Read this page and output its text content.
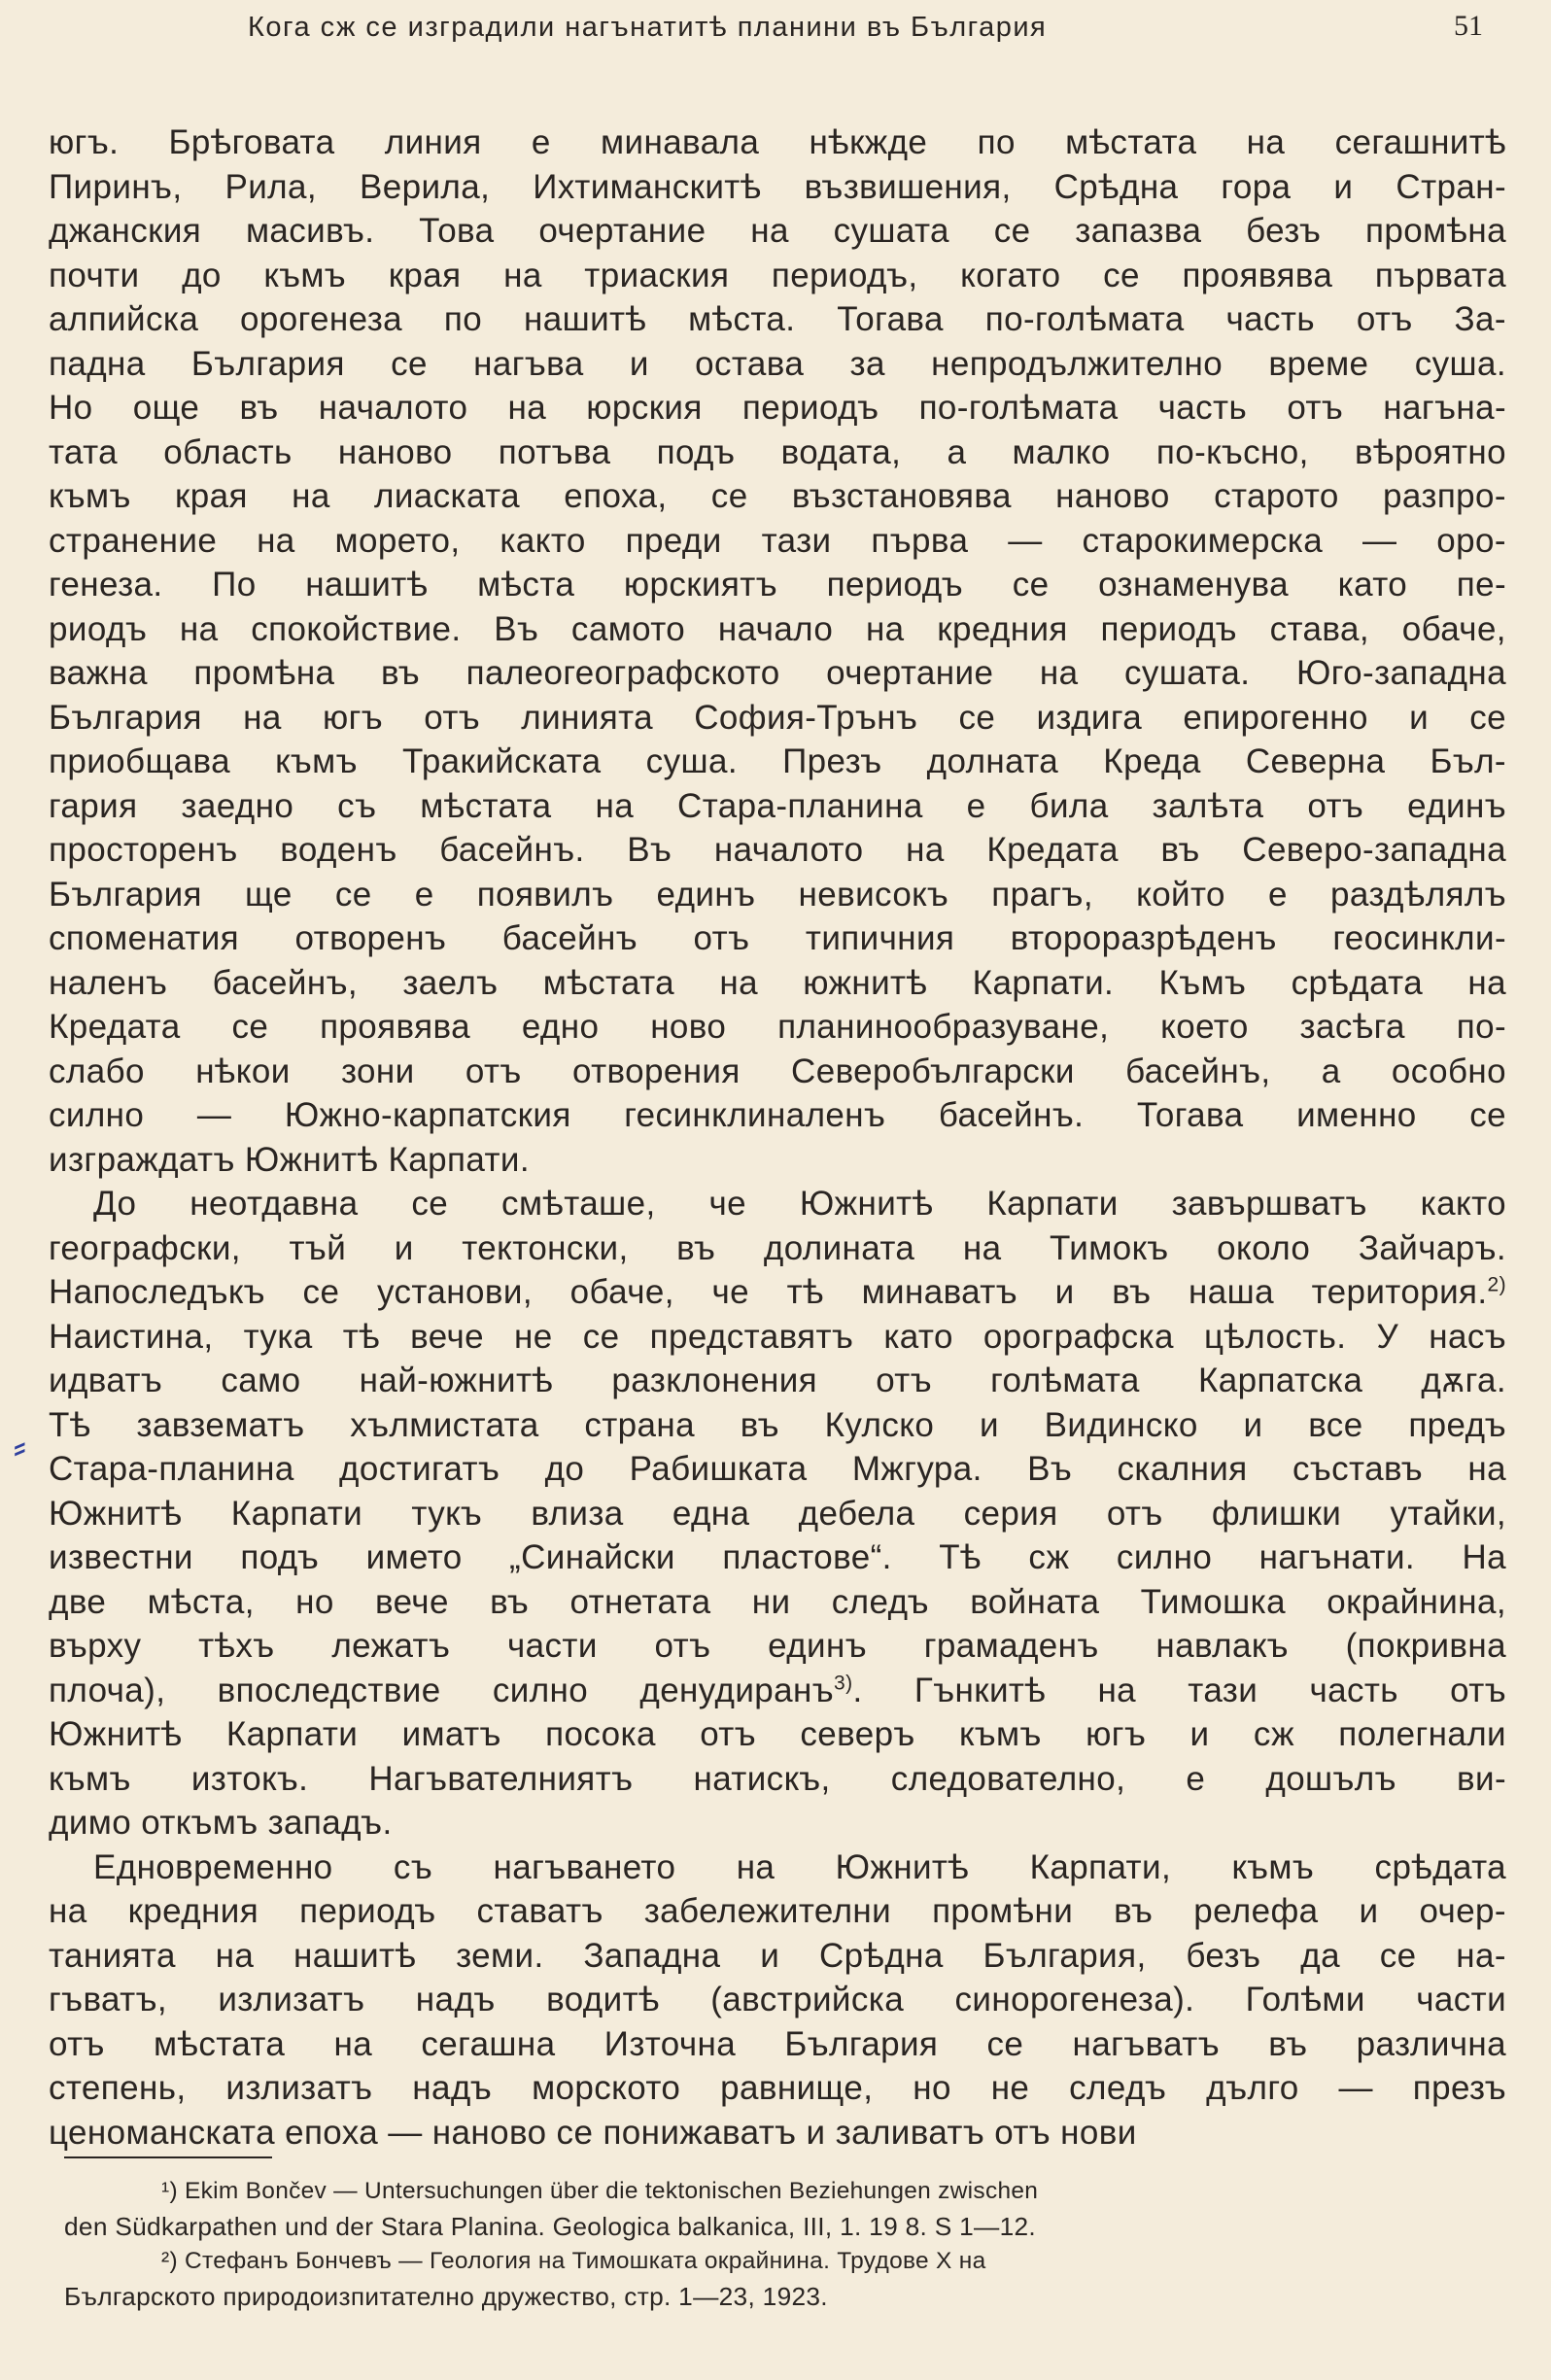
Кога сж се изградили нагънатитѣ планини въ България	51
⸗
югъ. Брѣговата линия е минавала нѣкжде по мѣстата на сегашнитѣ
Пиринъ, Рила, Верила, Ихтиманскитѣ възвишения, Срѣдна гора и Стран-
джанския масивъ. Това очертание на сушата се запазва безъ промѣна
почти до къмъ края на триаския периодъ, когато се проявява първата
алпийска орогенеза по нашитѣ мѣста. Тогава по-голѣмата часть отъ За-
падна България се нагъва и остава за непродължително време суша.
Но още въ началото на юрския периодъ по-голѣмата часть отъ нагъна-
тата область наново потъва подъ водата, а малко по-късно, вѣроятно
къмъ края на лиаската епоха, се възстановява наново старото разпро-
странение на морето, както преди тази първа — старокимерска — оро-
генеза. По нашитѣ мѣста юрскиятъ периодъ се ознаменува като пе-
риодъ на спокойствие. Въ самото начало на кредния периодъ става, обаче,
важна промѣна въ палеогеографското очертание на сушата. Юго-западна
България на югъ отъ линията София-Трънъ се издига епирогенно и се
приобщава къмъ Тракийската суша. Презъ долната Креда Северна Бъл-
гария заедно съ мѣстата на Стара-планина е била залѣта отъ единъ
просторенъ воденъ басейнъ. Въ началото на Кредата въ Северо-западна
България ще се е появилъ единъ невисокъ прагъ, който е раздѣлялъ
споменатия отворенъ басейнъ отъ типичния второразрѣденъ геосинкли-
наленъ басейнъ, заелъ мѣстата на южнитѣ Карпати. Къмъ срѣдата на
Кредата се проявява едно ново планинообразуване, което засѣга по-
слабо нѣкои зони отъ отворения Северобългарски басейнъ, а особно
силно — Южно-карпатския гесинклиналенъ басейнъ. Тогава именно се
изграждатъ Южнитѣ Карпати.
До неотдавна се смѣташе, че Южнитѣ Карпати завършватъ както
географски, тъй и тектонски, въ долината на Тимокъ около Зайчаръ.
Напоследъкъ се установи, обаче, че тѣ минаватъ и въ наша територия.$^{2)}$
Наистина, тука тѣ вече не се представятъ като орографска цѣлость. У насъ
идватъ само най-южнитѣ разклонения отъ голѣмата Карпатска дѫга.
Тѣ завзематъ хълмистата страна въ Кулско и Видинско и все предъ
Стара-планина достигатъ до Рабишката Мжгура. Въ скалния съставъ на
Южнитѣ Карпати тукъ влиза една дебела серия отъ флишки утайки,
известни подъ името „Синайски пластове“. Тѣ сж силно нагънати. На
две мѣста, но вече въ отнетата ни следъ войната Тимошка окрайнина,
върху тѣхъ лежатъ части отъ единъ грамаденъ навлакъ (покривна
плоча), впоследствие силно денудиранъ$^{3)}$. Гънкитѣ на тази часть отъ
Южнитѣ Карпати иматъ посока отъ северъ къмъ югъ и сж полегнали
къмъ изтокъ. Нагъвателниятъ натискъ, следователно, е дошълъ ви-
димо откъмъ западъ.
Едновременно съ нагъването на Южнитѣ Карпати, къмъ срѣдата
на кредния периодъ ставатъ забележителни промѣни въ релефа и очер-
танията на нашитѣ земи. Западна и Срѣдна България, безъ да се на-
гъватъ, излизатъ надъ водитѣ (австрийска синорогенеза). Голѣми части
отъ мѣстата на сегашна Източна България се нагъватъ въ различна
степень, излизатъ надъ морското равнище, но не следъ дълго — презъ
ценоманската епоха — наново се понижаватъ и заливатъ отъ нови
¹) Ekim Bončev — Untersuchungen über die tektonischen Beziehungen zwischen
den Südkarpathen und der Stara Planina. Geologica balkanica, III, 1. 19 8. S 1—12.
²) Стефанъ Бончевъ — Геология на Тимошката окрайнина. Трудове X на
Българското природоизпитателно дружество, стр. 1—23, 1923.
